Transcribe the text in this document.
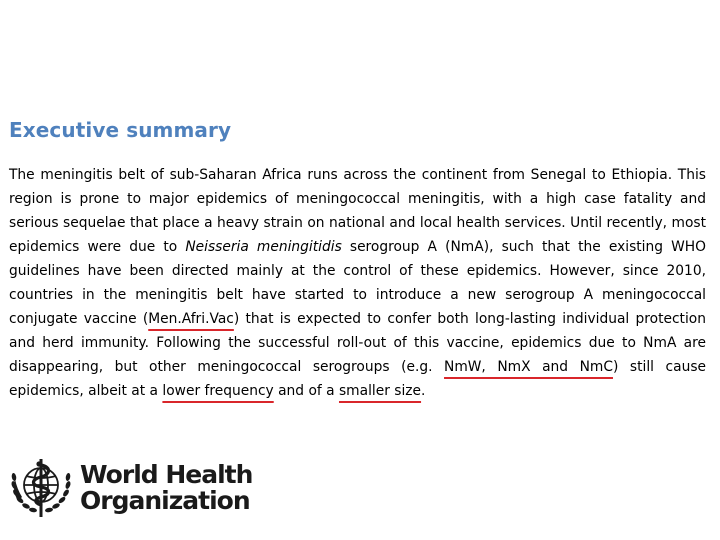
Executive summary

The meningitis belt of sub-Saharan Africa runs across the continent from Senegal to Ethiopia. This region is prone to major epidemics of meningococcal meningitis, with a high case fatality and serious sequelae that place a heavy strain on national and local health services. Until recently, most epidemics were due to Neisseria meningitidis serogroup A (NmA), such that the existing WHO guidelines have been directed mainly at the control of these epidemics. However, since 2010, countries in the meningitis belt have started to introduce a new serogroup A meningococcal conjugate vaccine (Men.Afri.Vac) that is expected to confer both long-lasting individual protection and herd immunity. Following the successful roll-out of this vaccine, epidemics due to NmA are disappearing, but other meningococcal serogroups (e.g. NmW, NmX and NmC) still cause epidemics, albeit at a lower frequency and of a smaller size.

World Health
Organization
